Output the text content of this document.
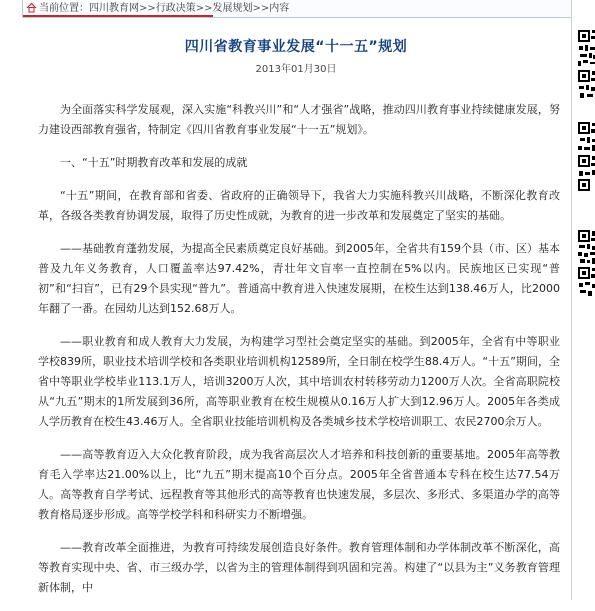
当前位置：四川教育网>>行政决策>>发展规划>>内容
四川省教育事业发展“十一五”规划
2013年01月30日

为全面落实科学发展观，深入实施“科教兴川”和“人才强省”战略，推动四川教育事业持续健康发展，努力建设西部教育强省，特制定《四川省教育事业发展“十一五”规划》。

一、“十五”时期教育改革和发展的成就

“十五”期间，在教育部和省委、省政府的正确领导下，我省大力实施科教兴川战略，不断深化教育改革，各级各类教育协调发展，取得了历史性成就，为教育的进一步改革和发展奠定了坚实的基础。

——基础教育蓬勃发展，为提高全民素质奠定良好基础。到2005年，全省共有159个县（市、区）基本普及九年义务教育，人口覆盖率达97.42%，青壮年文盲率一直控制在5%以内。民族地区已实现“普初”和“扫盲”，已有29个县实现“普九”。普通高中教育进入快速发展期，在校生达到138.46万人，比2000年翻了一番。在园幼儿达到152.68万人。

——职业教育和成人教育大力发展，为构建学习型社会奠定坚实的基础。到2005年，全省有中等职业学校839所，职业技术培训学校和各类职业培训机构12589所，全日制在校学生88.4万人。“十五”期间，全省中等职业学校毕业113.1万人，培训3200万人次，其中培训农村转移劳动力1200万人次。全省高职院校从“九五”期末的1所发展到36所，高等职业教育在校生规模从0.16万人扩大到12.96万人。2005年各类成人学历教育在校生43.46万人。全省职业技能培训机构及各类城乡技术学校培训职工、农民2700余万人。

——高等教育迈入大众化教育阶段，成为我省高层次人才培养和科技创新的重要基地。2005年高等教育毛入学率达21.00%以上，比“九五”期末提高10个百分点。2005年全省普通本专科在校生达77.54万人。高等教育自学考试、远程教育等其他形式的高等教育也快速发展，多层次、多形式、多渠道办学的高等教育格局逐步形成。高等学校学科和科研实力不断增强。

——教育改革全面推进，为教育可持续发展创造良好条件。教育管理体制和办学体制改革不断深化，高等教育实现中央、省、市三级办学，以省为主的管理体制得到巩固和完善。构建了“以县为主”义务教育管理新体制，中
